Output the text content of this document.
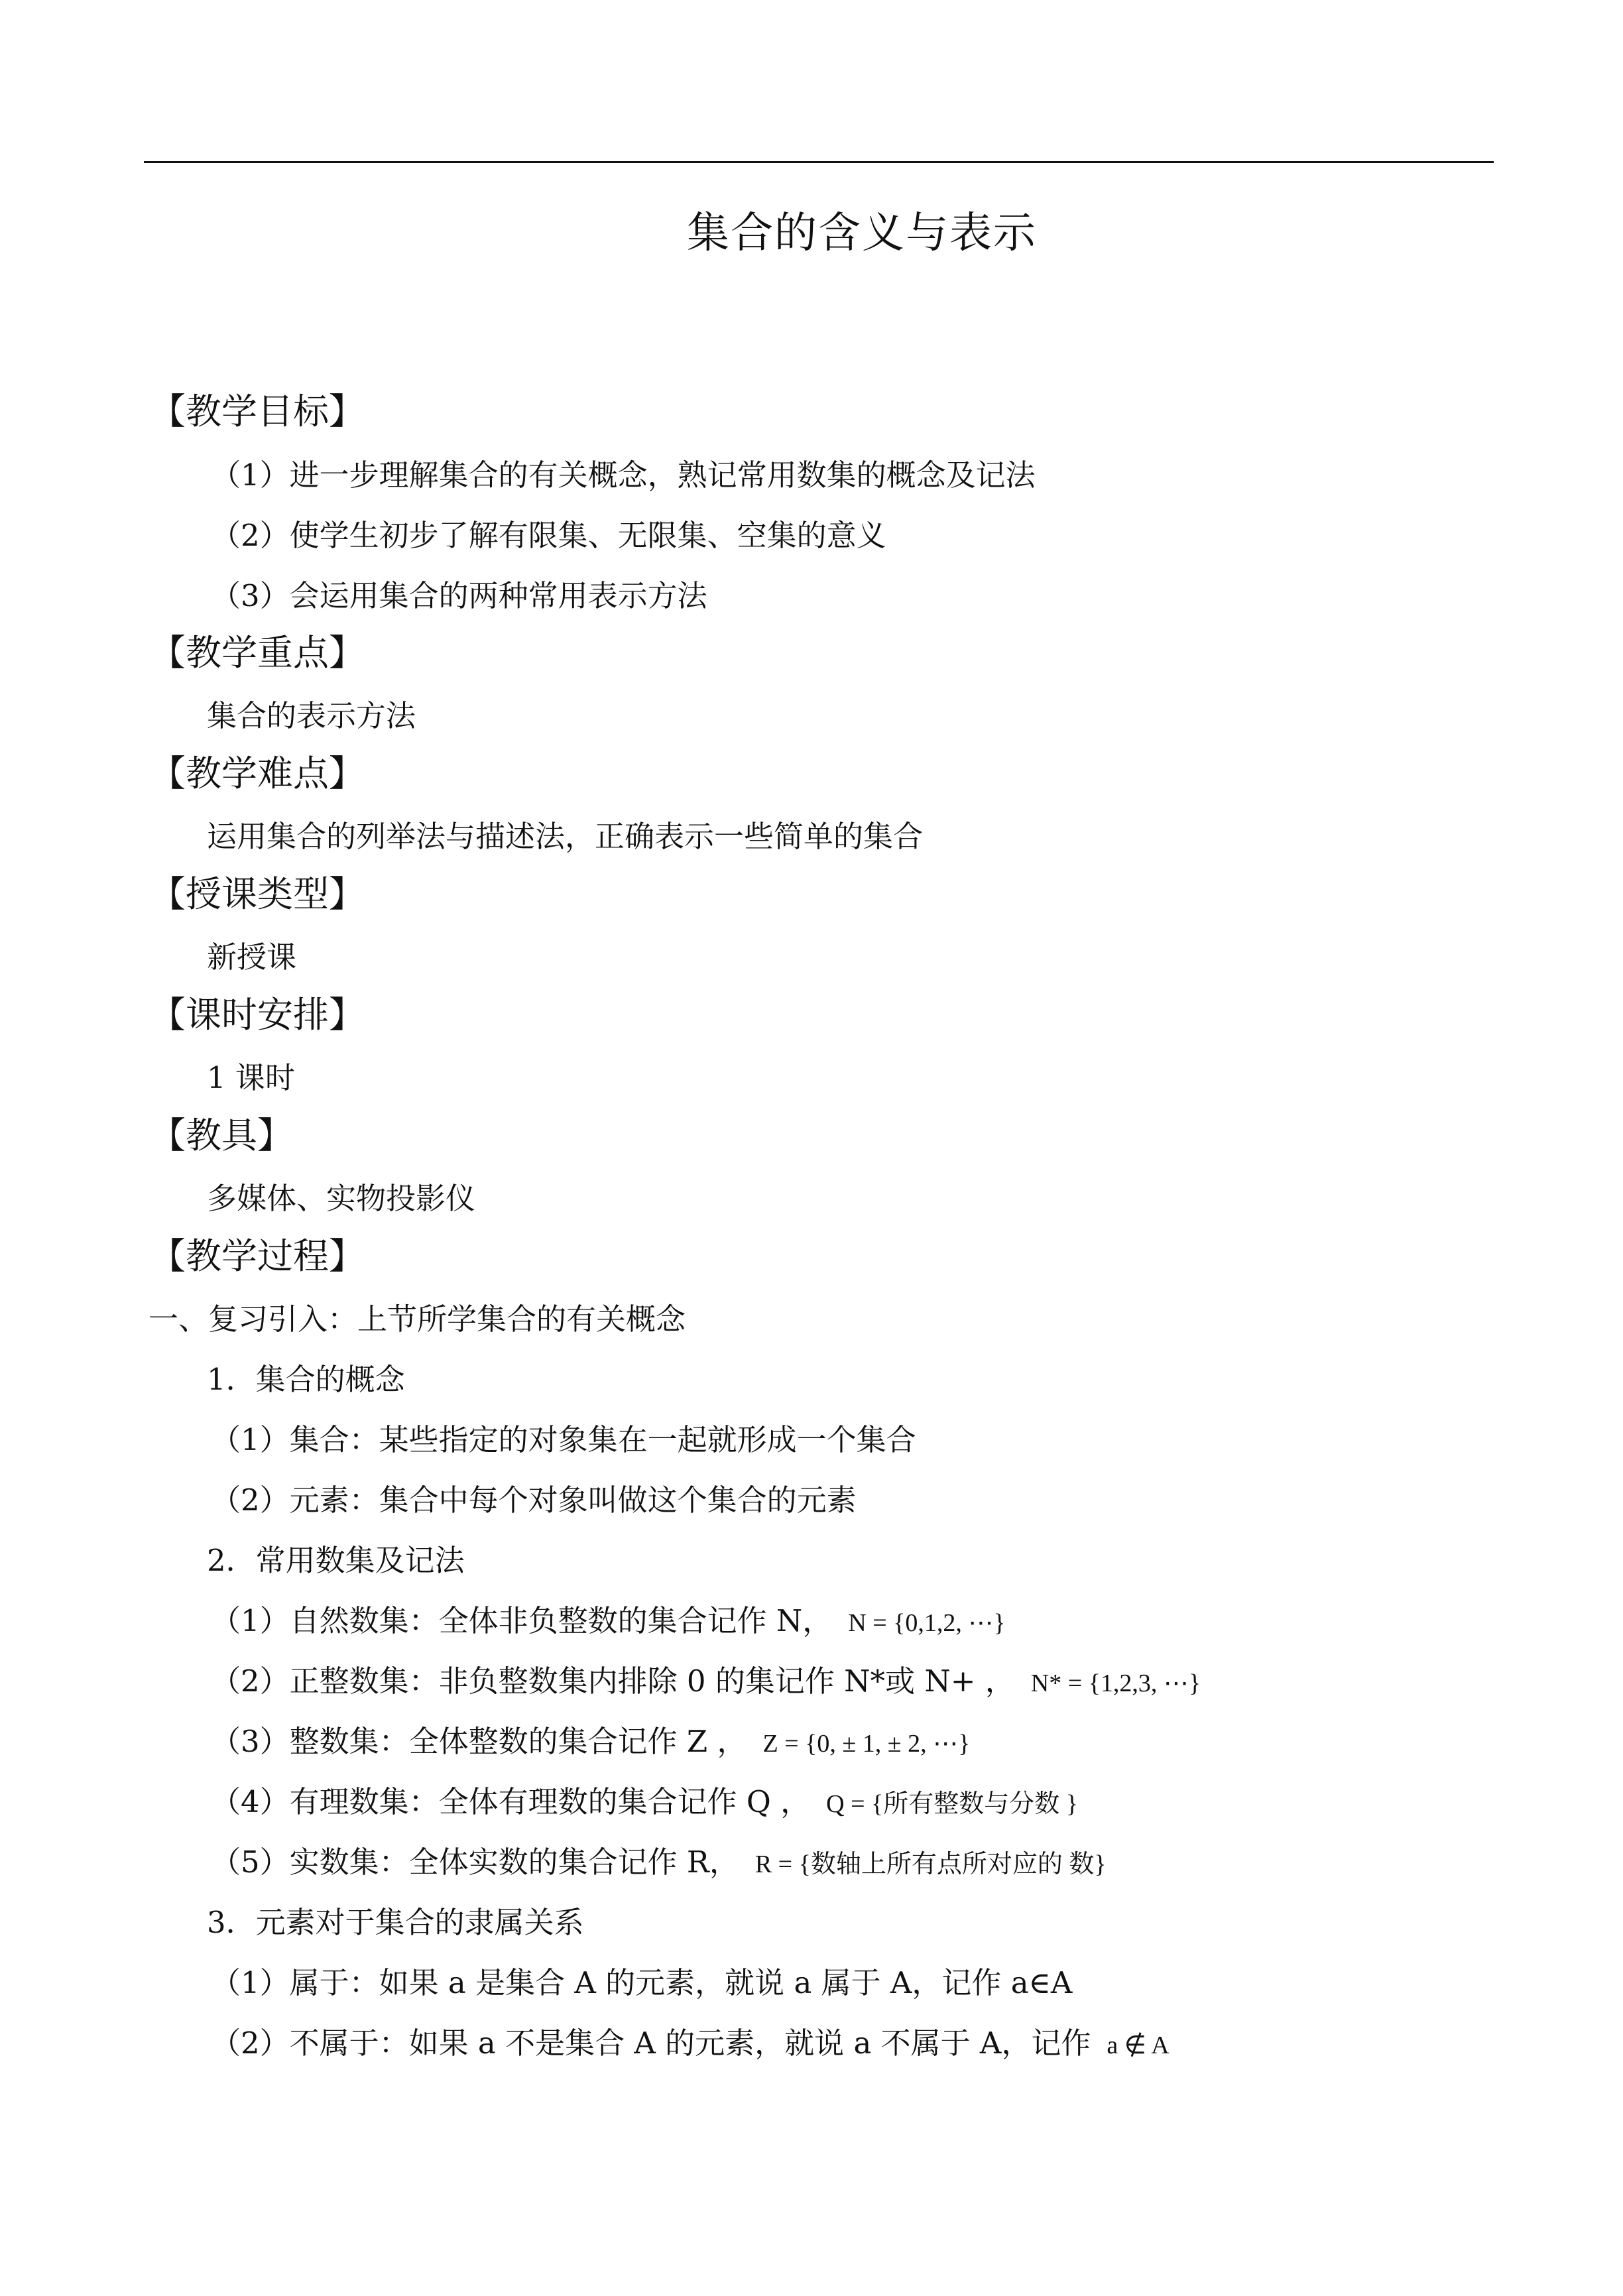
集合的含义与表示
【教学目标】
（1）进一步理解集合的有关概念，熟记常用数集的概念及记法
（2）使学生初步了解有限集、无限集、空集的意义
（3）会运用集合的两种常用表示方法
【教学重点】
集合的表示方法
【教学难点】
运用集合的列举法与描述法，正确表示一些简单的集合
【授课类型】
新授课
【课时安排】
1 课时
【教具】
多媒体、实物投影仪
【教学过程】
一、复习引入：上节所学集合的有关概念
1．集合的概念
（1）集合：某些指定的对象集在一起就形成一个集合
（2）元素：集合中每个对象叫做这个集合的元素
2．常用数集及记法
（1）自然数集：全体非负整数的集合记作 N， N = {0,1,2, ⋯}
（2）正整数集：非负整数集内排除 0 的集记作 N*或 N+ ， N* = {1,2,3, ⋯}
（3）整数集：全体整数的集合记作 Z ， Z = {0, ± 1, ± 2, ⋯}
（4）有理数集：全体有理数的集合记作 Q ， Q = {所有整数与分数 }
（5）实数集：全体实数的集合记作 R， R = {数轴上所有点所对应的 数}
3．元素对于集合的隶属关系
（1）属于：如果 a 是集合 A 的元素，就说 a 属于 A，记作 a∈A
（2）不属于：如果 a 不是集合 A 的元素，就说 a 不属于 A，记作 a ∉ A
